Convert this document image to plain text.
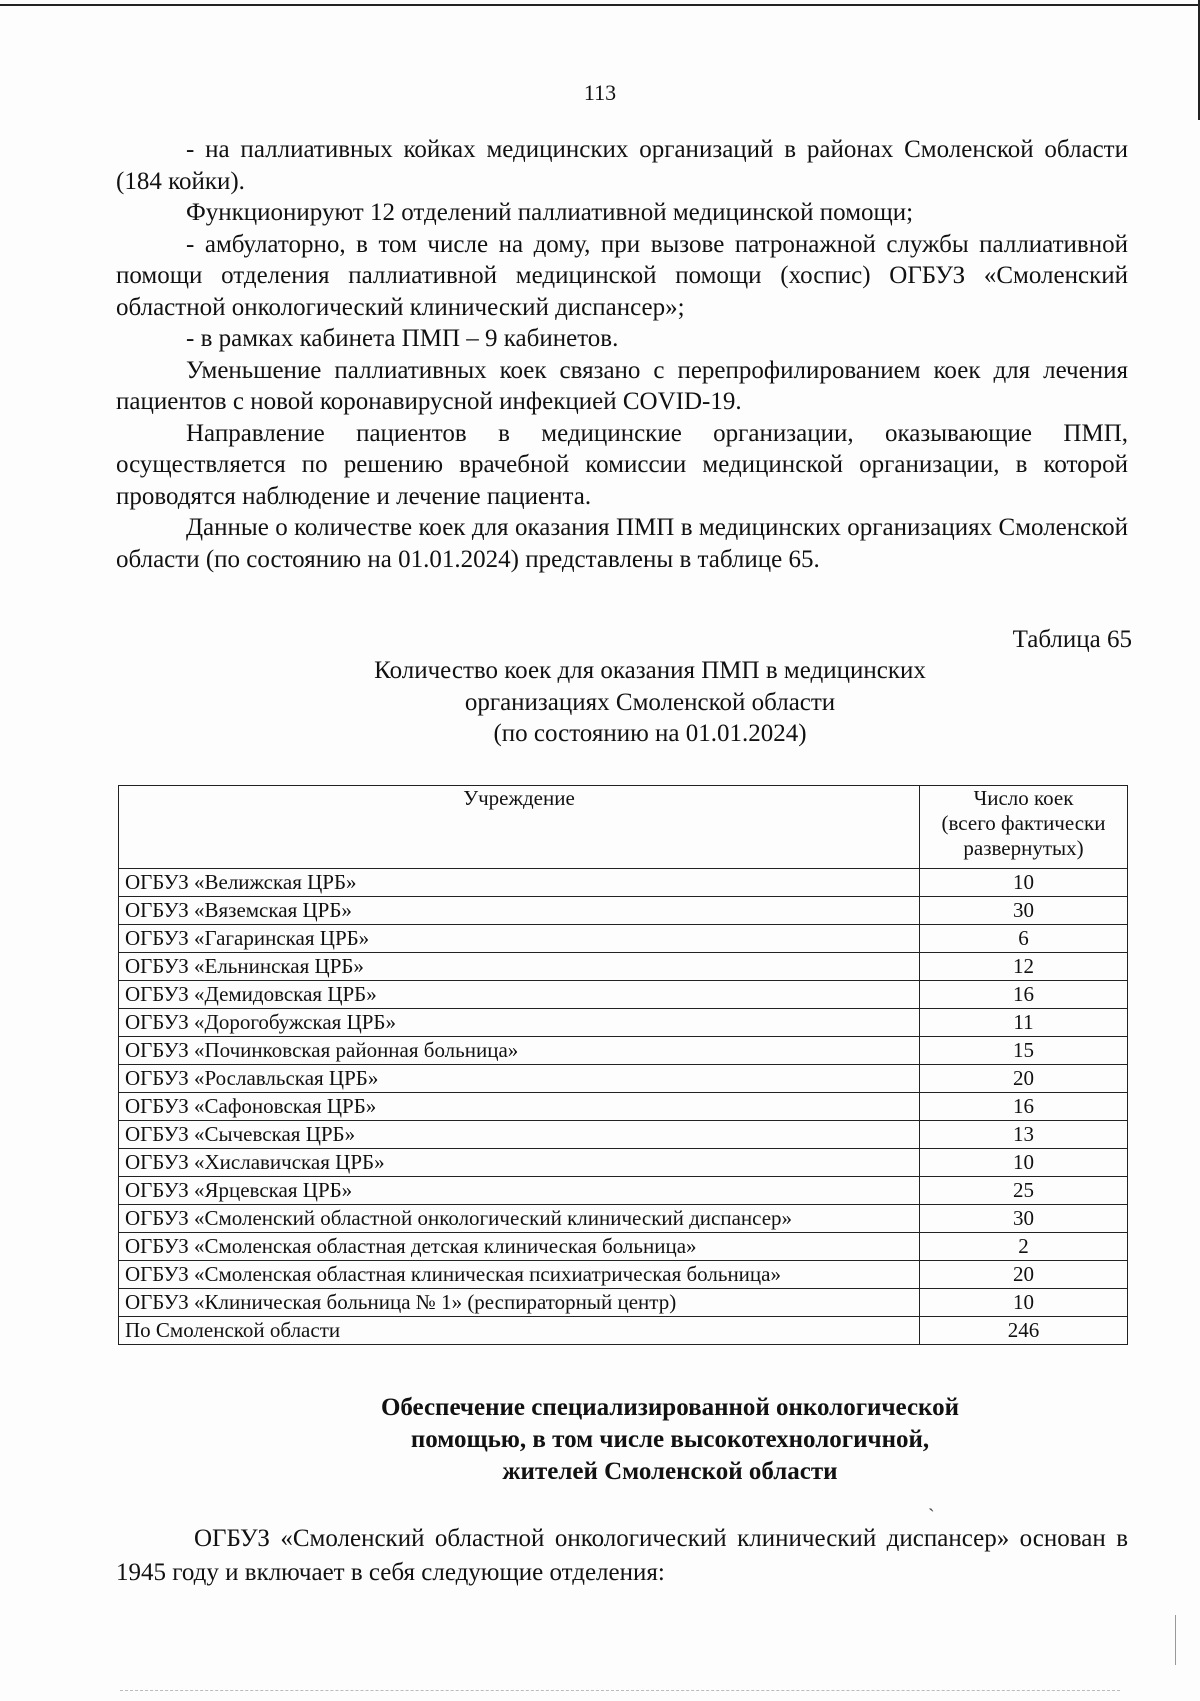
113

- на паллиативных койках медицинских организаций в районах Смоленской области (184 койки).

Функционируют 12 отделений паллиативной медицинской помощи;

- амбулаторно, в том числе на дому, при вызове патронажной службы паллиативной помощи отделения паллиативной медицинской помощи (хоспис) ОГБУЗ «Смоленский областной онкологический клинический диспансер»;

- в рамках кабинета ПМП – 9 кабинетов.

Уменьшение паллиативных коек связано с перепрофилированием коек для лечения пациентов с новой коронавирусной инфекцией COVID-19.

Направление пациентов в медицинские организации, оказывающие ПМП, осуществляется по решению врачебной комиссии медицинской организации, в которой проводятся наблюдение и лечение пациента.

Данные о количестве коек для оказания ПМП в медицинских организациях Смоленской области (по состоянию на 01.01.2024) представлены в таблице 65.

Таблица 65
Количество коек для оказания ПМП в медицинских
организациях Смоленской области
(по состоянию на 01.01.2024)
Учреждение	Число коек
(всего фактически
развернутых)

ОГБУЗ «Велижская ЦРБ»	10
ОГБУЗ «Вяземская ЦРБ»	30
ОГБУЗ «Гагаринская ЦРБ»	6
ОГБУЗ «Ельнинская ЦРБ»	12
ОГБУЗ «Демидовская ЦРБ»	16
ОГБУЗ «Дорогобужская ЦРБ»	11
ОГБУЗ «Починковская районная больница»	15
ОГБУЗ «Рославльская ЦРБ»	20
ОГБУЗ «Сафоновская ЦРБ»	16
ОГБУЗ «Сычевская ЦРБ»	13
ОГБУЗ «Хиславичская ЦРБ»	10
ОГБУЗ «Ярцевская ЦРБ»	25
ОГБУЗ «Смоленский областной онкологический клинический диспансер»	30
ОГБУЗ «Смоленская областная детская клиническая больница»	2
ОГБУЗ «Смоленская областная клиническая психиатрическая больница»	20
ОГБУЗ «Клиническая больница № 1» (респираторный центр)	10
По Смоленской области	246
Обеспечение специализированной онкологической
помощью, в том числе высокотехнологичной,
жителей Смоленской области
ˏ

ОГБУЗ «Смоленский областной онкологический клинический диспансер» основан в 1945 году и включает в себя следующие отделения:
